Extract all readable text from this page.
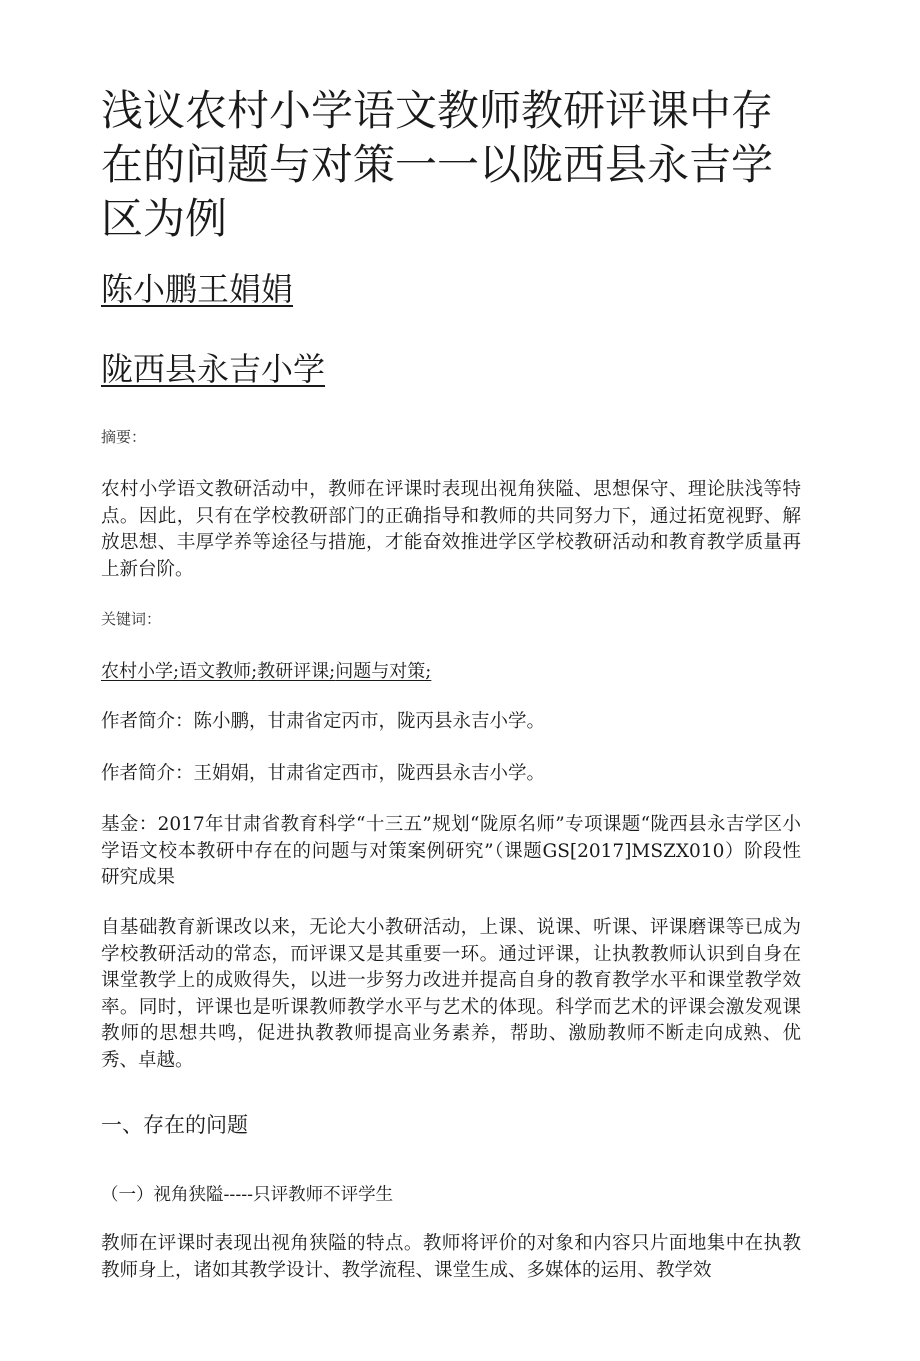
浅议农村小学语文教师教研评课中存在的问题与对策一一以陇西县永吉学区为例
陈小鹏王娟娟
陇西县永吉小学
摘要：

农村小学语文教研活动中，教师在评课时表现出视角狭隘、思想保守、理论肤浅等特点。因此，只有在学校教研部门的正确指导和教师的共同努力下，通过拓宽视野、解放思想、丰厚学养等途径与措施，才能奋效推进学区学校教研活动和教育教学质量再上新台阶。

关键词：
农村小学;语文教师;教研评课;问题与对策;

作者简介：陈小鹏，甘肃省定丙市，陇丙县永吉小学。

作者简介：王娟娟，甘肃省定西市，陇西县永吉小学。

基金：2017年甘肃省教育科学“十三五”规划“陇原名师”专项课题“陇西县永吉学区小学语文校本教研中存在的问题与对策案例研究”（课题GS[2017]MSZX010）阶段性研究成果

自基础教育新课改以来，无论大小教研活动，上课、说课、听课、评课磨课等已成为学校教研活动的常态，而评课又是其重要一环。通过评课，让执教教师认识到自身在课堂教学上的成败得失，以进一步努力改进并提高自身的教育教学水平和课堂教学效率。同时，评课也是听课教师教学水平与艺术的体现。科学而艺术的评课会激发观课教师的思想共鸣，促进执教教师提高业务素养，帮助、激励教师不断走向成熟、优秀、卓越。

一、存在的问题
（一）视角狭隘-----只评教师不评学生

教师在评课时表现出视角狭隘的特点。教师将评价的对象和内容只片面地集中在执教教师身上，诸如其教学设计、教学流程、课堂生成、多媒体的运用、教学效
